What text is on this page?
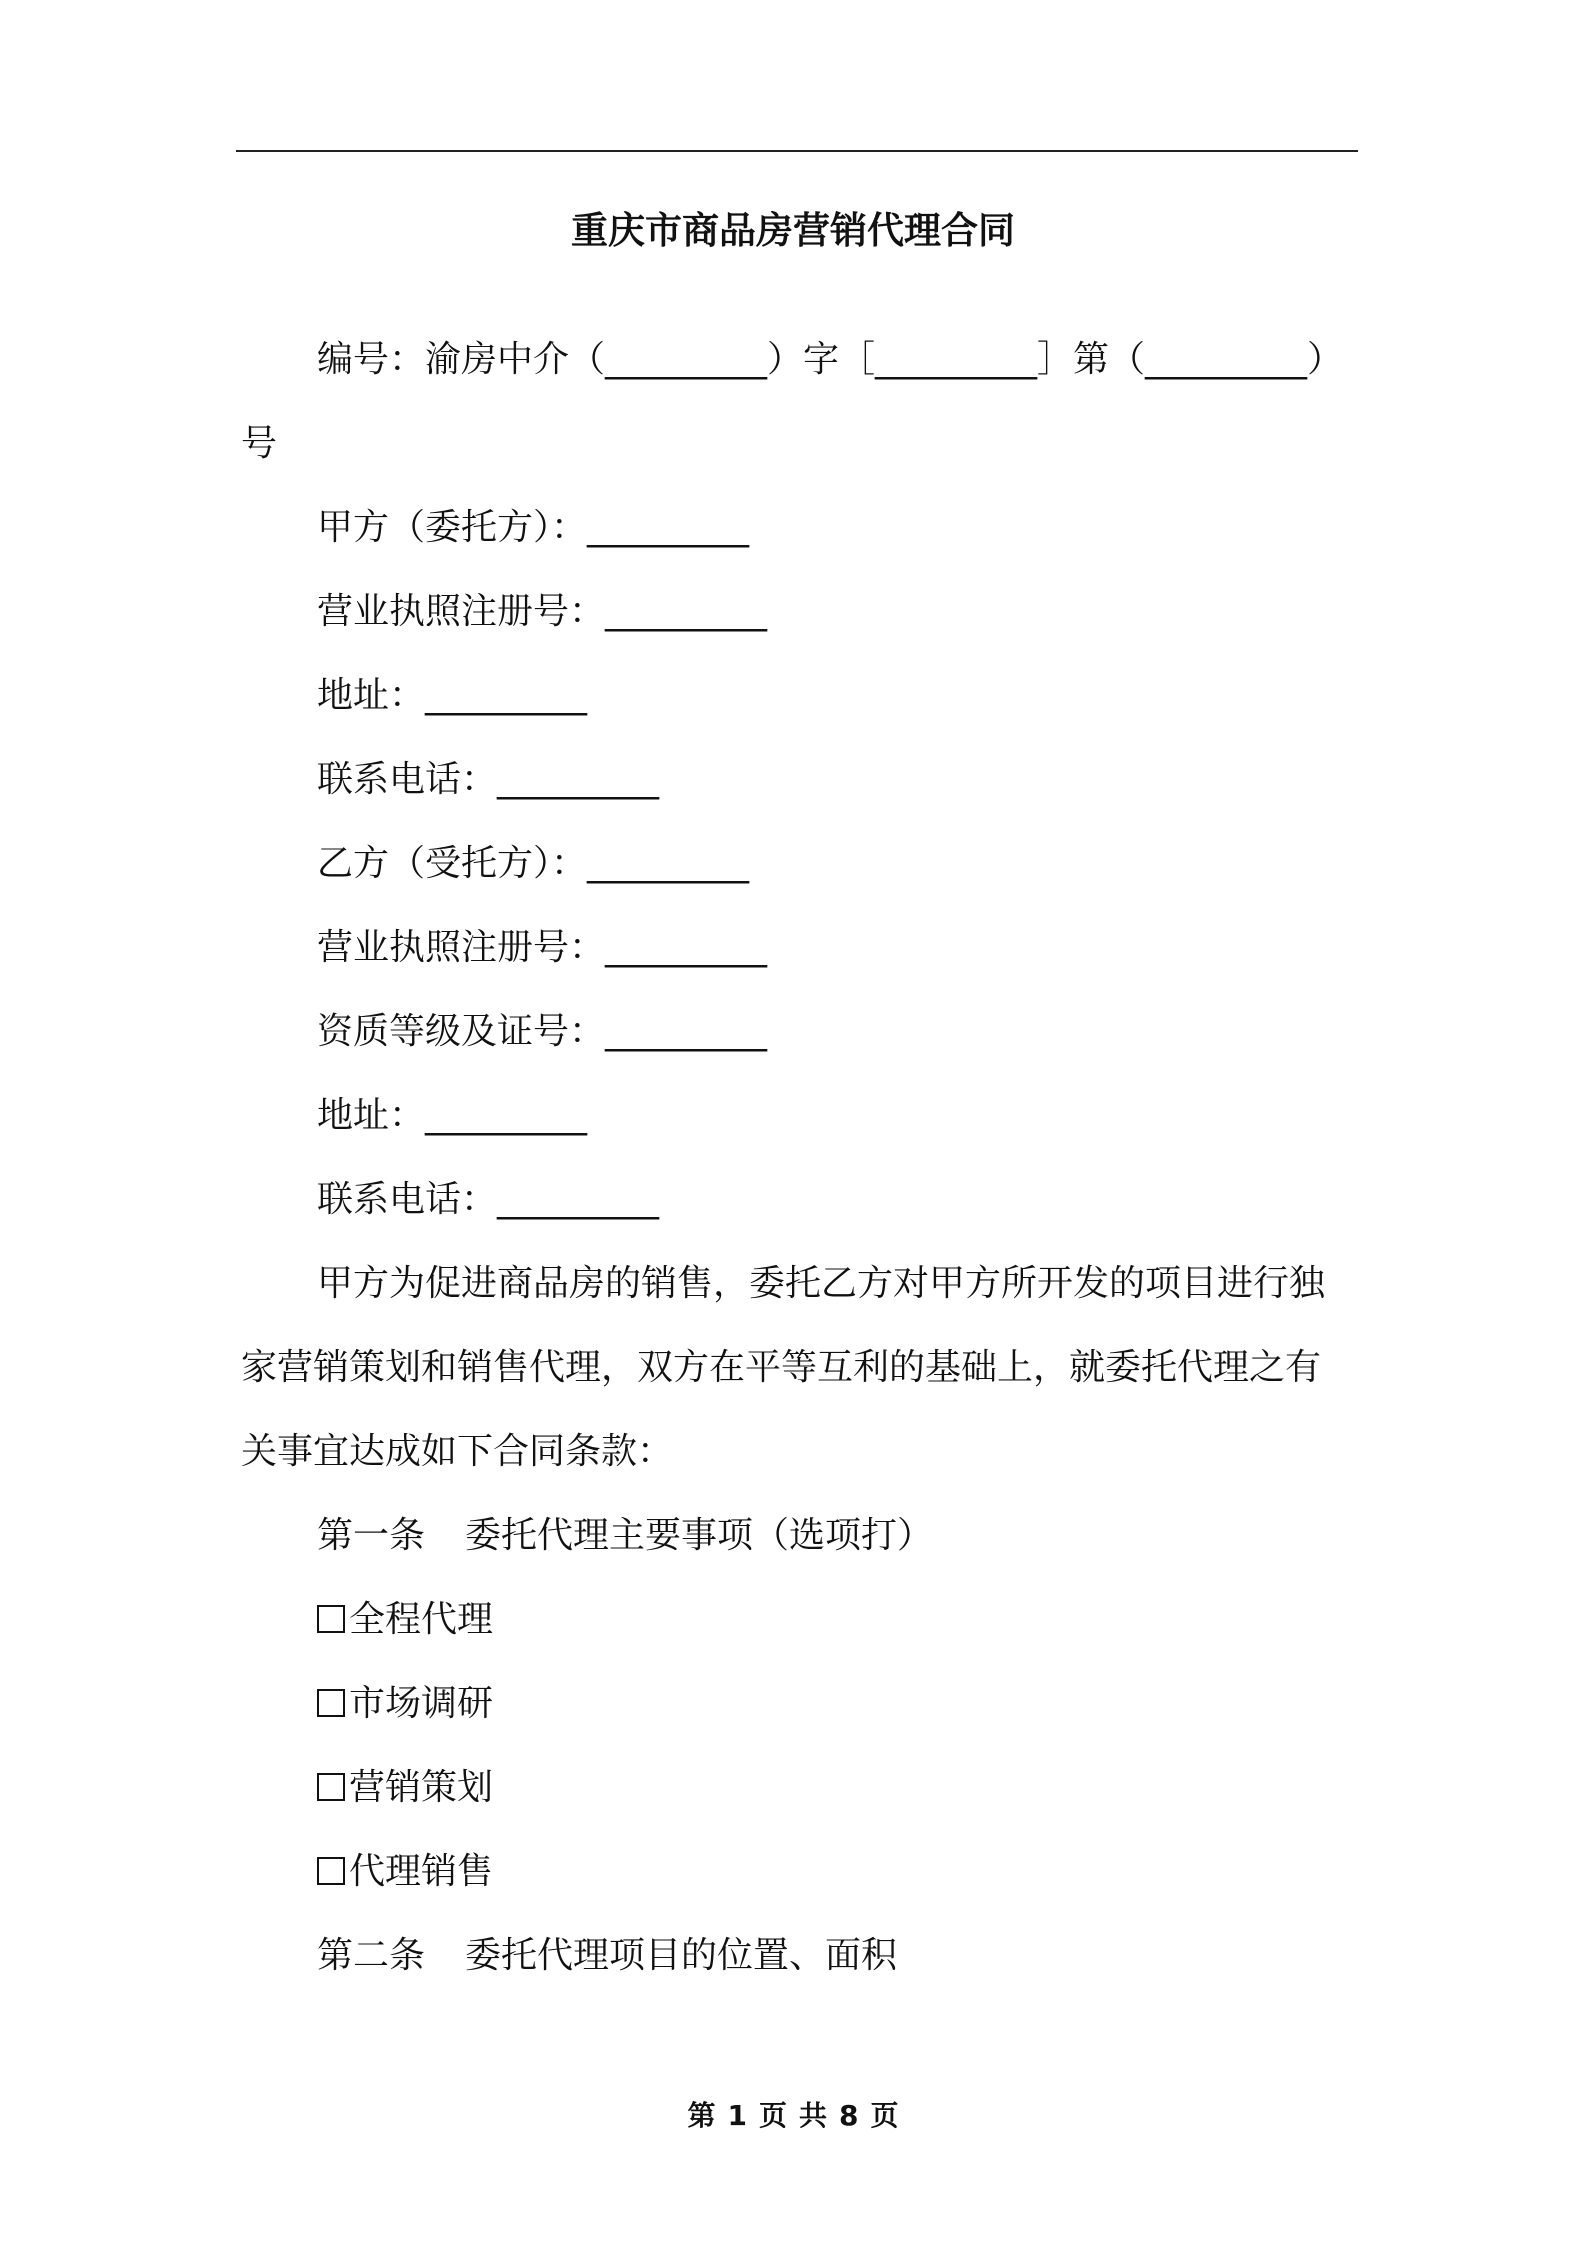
重庆市商品房营销代理合同

编号：渝房中介（_________）字［_________］第（_________）

号

甲方（委托方）：_________

营业执照注册号：_________

地址：_________

联系电话：_________

乙方（受托方）：_________

营业执照注册号：_________

资质等级及证号：_________

地址：_________

联系电话：_________

甲方为促进商品房的销售，委托乙方对甲方所开发的项目进行独

家营销策划和销售代理，双方在平等互利的基础上，就委托代理之有

关事宜达成如下合同条款：

第一条 委托代理主要事项（选项打）

全程代理

市场调研

营销策划

代理销售

第二条 委托代理项目的位置、面积

第 1 页 共 8 页
